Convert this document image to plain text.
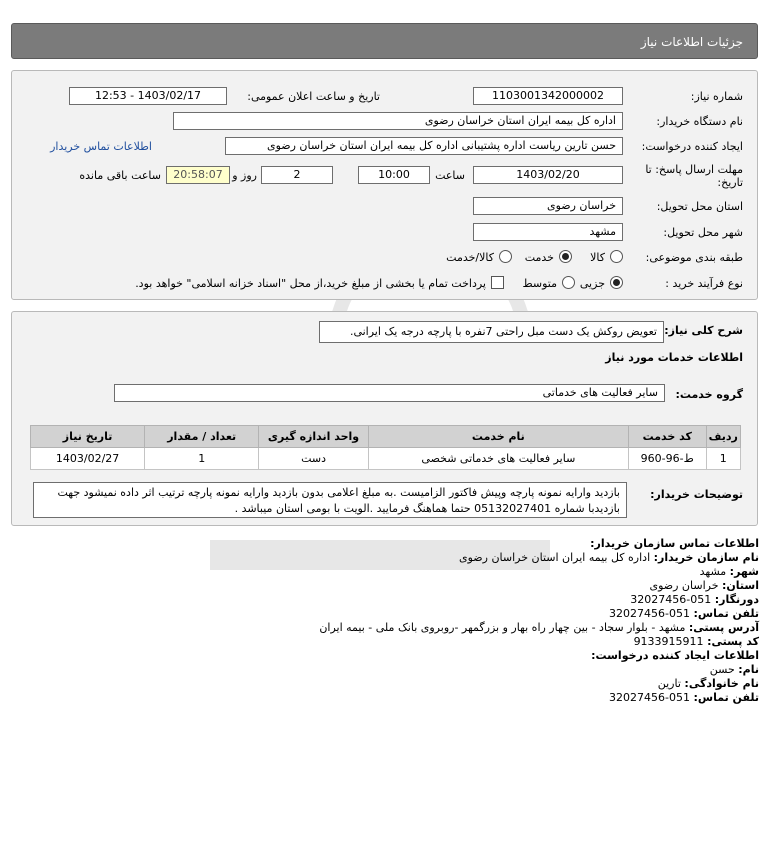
جزئیات اطلاعات نیاز
شماره نیاز:
1103001342000002
تاریخ و ساعت اعلان عمومی:
1403/02/17 - 12:53
نام دستگاه خریدار:
اداره کل بیمه ایران استان خراسان رضوی
ایجاد کننده درخواست:
حسن تارین رياست اداره پشتیبانی اداره کل بیمه ایران استان خراسان رضوی
اطلاعات تماس خریدار
مهلت ارسال پاسخ: تا تاریخ:
1403/02/20
ساعت
10:00
2
روز و
20:58:07
ساعت باقی مانده
استان محل تحویل:
خراسان رضوی
شهر محل تحویل:
مشهد
طبقه بندی موضوعی:
کالا
خدمت
کالا/خدمت
نوع فرآیند خرید :
جزیی
متوسط
پرداخت تمام یا بخشی از مبلغ خرید،از محل "اسناد خزانه اسلامی" خواهد بود.
شرح کلی نیاز:
تعویض روکش یک دست مبل راحتی 7نفره با پارچه درجه یک ایرانی.
اطلاعات خدمات مورد نیاز
گروه خدمت:
سایر فعالیت های خدماتی
ردیف	کد خدمت	نام خدمت	واحد اندازه گیری	تعداد / مقدار	تاریخ نیاز
1	ط-96-960	سایر فعالیت های خدماتی شخصی	دست	1	1403/02/27
توضیحات خریدار:
بازدید وارایه نمونه پارچه وپیش فاکتور الزامیست .به مبلغ اعلامی بدون بازدید وارایه نمونه پارچه ترتیب اثر داده نمیشود جهت بازدیدبا شماره 05132027401 حتما هماهنگ فرمایید .الویت با بومی استان میباشد .
اطلاعات تماس سازمان خریدار:
نام سازمان خریدار: اداره کل بیمه ایران استان خراسان رضوی
شهر: مشهد
استان: خراسان رضوی
دورنگار: 051-32027456
تلفن تماس: 051-32027456
آدرس پستی: مشهد - بلوار سجاد - بین چهار راه بهار و بزرگمهر -روبروی بانک ملی - بیمه ایران
کد پستی: 9133915911
اطلاعات ایجاد کننده درخواست:
نام: حسن
نام خانوادگی: تارین
تلفن تماس: 051-32027456
